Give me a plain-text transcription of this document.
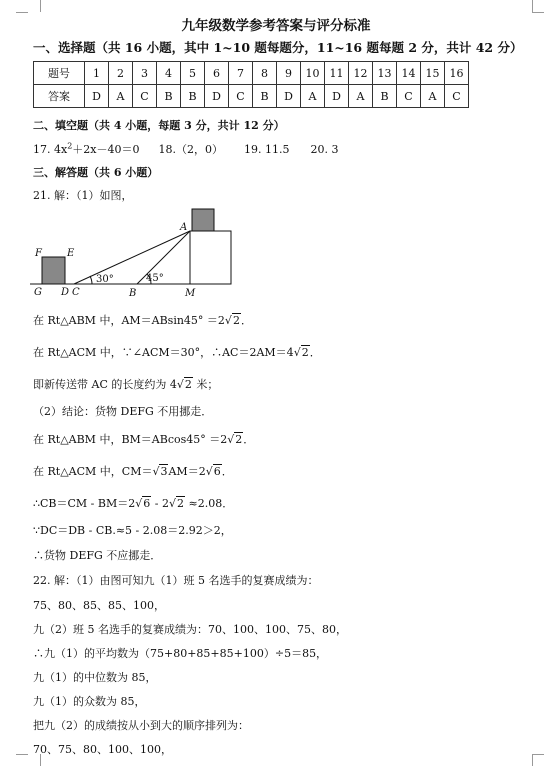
九年级数学参考答案与评分标准
一、选择题（共 16 小题，其中 1~10 题每题分，11~16 题每题 2 分，共计 42 分）
题号	1	2	3	4	5	6	7	8	9	10	11	12	13	14	15	16
答案	D	A	C	B	B	D	C	B	D	A	D	A	B	C	A	C
二、填空题（共 4 小题，每题 3 分，共计 12 分）
17. $4x^2+2x-40=0$ 18.（2，0） 19. 11.5 20. 3
三、解答题（共 6 小题）
21. 解：（1）如图，
F	E
G D C
30°	45°
B	M
A
在 Rt△ABM 中，AM＝ABsin45° ＝2√2．
在 Rt△ACM 中，∵∠ACM＝30°，∴AC＝2AM＝4√2．
即新传送带 AC 的长度约为 4√2 米；
（2）结论：货物 DEFG 不用挪走．
在 Rt△ABM 中，BM＝ABcos45° ＝2√2．
在 Rt△ACM 中，CM＝√3AM＝2√6．
∴CB＝CM - BM＝2√6 - 2√2 ≈2.08．
∵DC＝DB - CB.≈5 - 2.08＝2.92＞2，
∴货物 DEFG 不应挪走．
22. 解：（1）由图可知九（1）班 5 名选手的复赛成绩为：
75、80、85、85、100，
九（2）班 5 名选手的复赛成绩为：70、100、100、75、80，
∴九（1）的平均数为（75+80+85+85+100）÷5＝85，
九（1）的中位数为 85，
九（1）的众数为 85，
把九（2）的成绩按从小到大的顺序排列为：
70、75、80、100、100，
